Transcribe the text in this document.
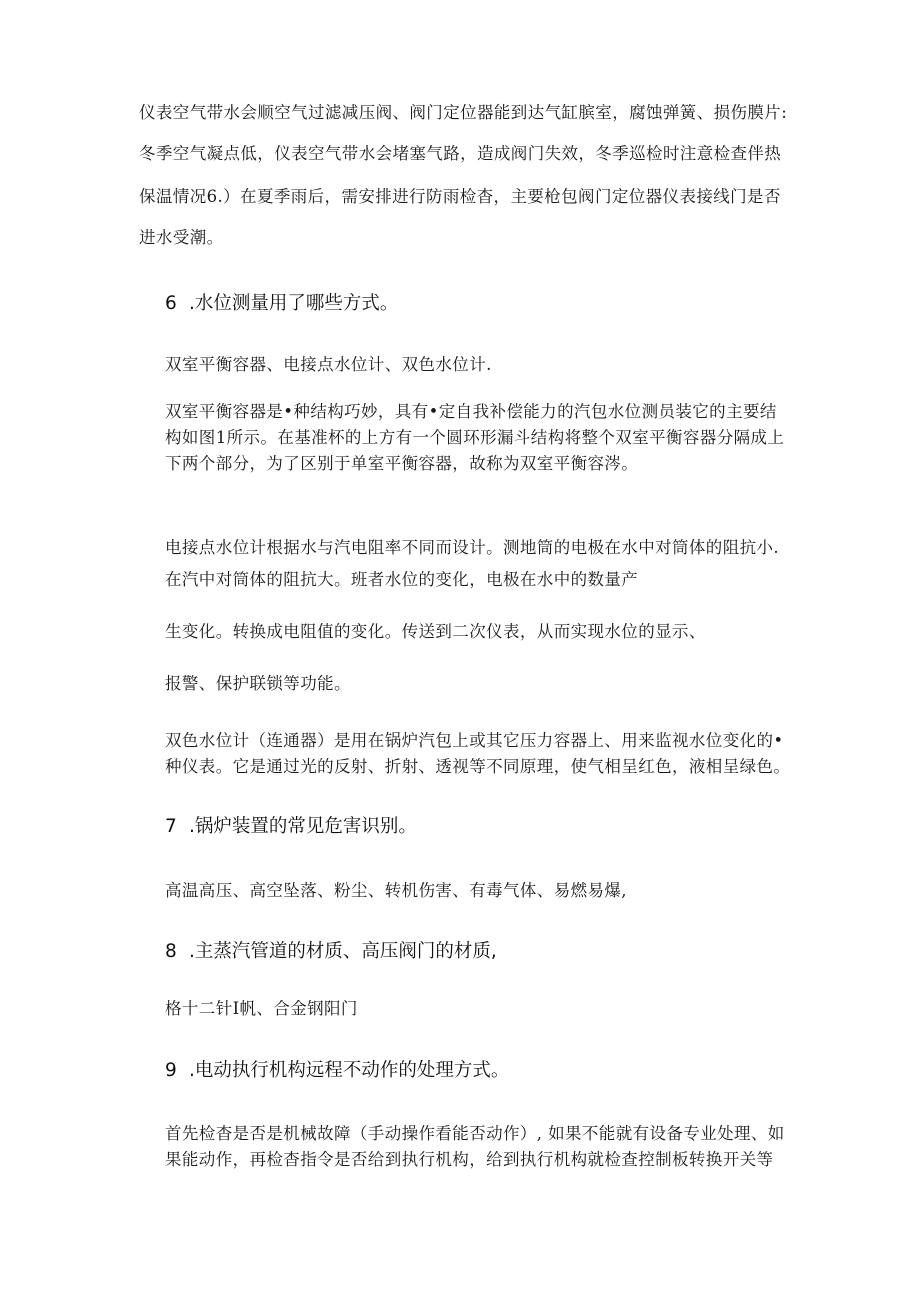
仪表空气带水会顺空气过滤减压阀、阀门定位器能到达气缸膑室，腐蚀弹簧、损伤膜片:
冬季空气凝点低，仪表空气带水会堵塞气路，造成阀门失效，冬季巡检时注意检查伴热
保温情况6.）在夏季雨后，需安排进行防雨检杳，主要枪包阀门定位器仪表接线门是否
进水受潮。
6 .水位测量用了哪些方式。
双室平衡容器、电接点水位计、双色水位计.
双室平衡容器是•种结构巧妙，具有•定自我补偿能力的汽包水位测员装它的主要结
构如图1所示。在基准杯的上方有一个圆环形漏斗结构将整个双室平衡容器分隔成上
下两个部分，为了区别于单室平衡容器，故称为双室平衡容涔。
电接点水位计根据水与汽电阻率不同而设计。测地筒的电极在水中对筒体的阻抗小.
在汽中对筒体的阻抗大。班者水位的变化，电极在水中的数量产
生变化。转换成电阻值的变化。传送到二次仪表，从而实现水位的显示、
报警、保护联锁等功能。
双色水位计（连通器）是用在锅炉汽包上或其它压力容器上、用来监视水位变化的•
种仪表。它是通过光的反射、折射、透视等不同原理，使气相呈红色，液相呈绿色。
7 .锅炉装置的常见危害识别。
高温高压、高空坠落、粉尘、转机伤害、有毒气体、易燃易爆,
8 .主蒸汽管道的材质、高压阀门的材质,
格十二针I帆、合金钢阳门
9 .电动执行机构远程不动作的处理方式。
首先检杳是否是机械故障（手动操作看能否动作）, 如果不能就有设备专业处理、如
果能动作，再检杳指令是否给到执行机构，给到执行机构就检查控制板转换开关等
